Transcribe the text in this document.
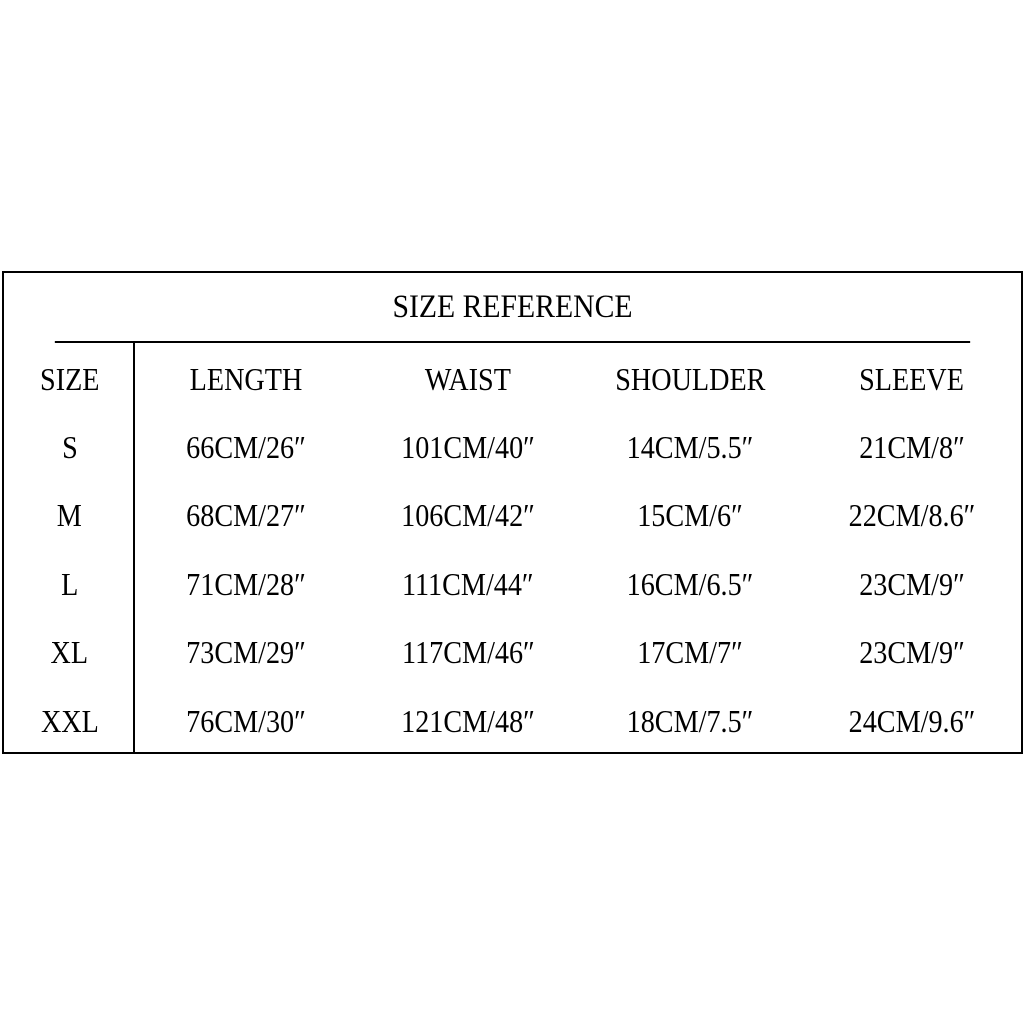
SIZE REFERENCE
SIZE	LENGTH	WAIST	SHOULDER	SLEEVE
S	66CM/26″	101CM/40″	14CM/5.5″	21CM/8″
M	68CM/27″	106CM/42″	15CM/6″	22CM/8.6″
L	71CM/28″	111CM/44″	16CM/6.5″	23CM/9″
XL	73CM/29″	117CM/46″	17CM/7″	23CM/9″
XXL	76CM/30″	121CM/48″	18CM/7.5″	24CM/9.6″
